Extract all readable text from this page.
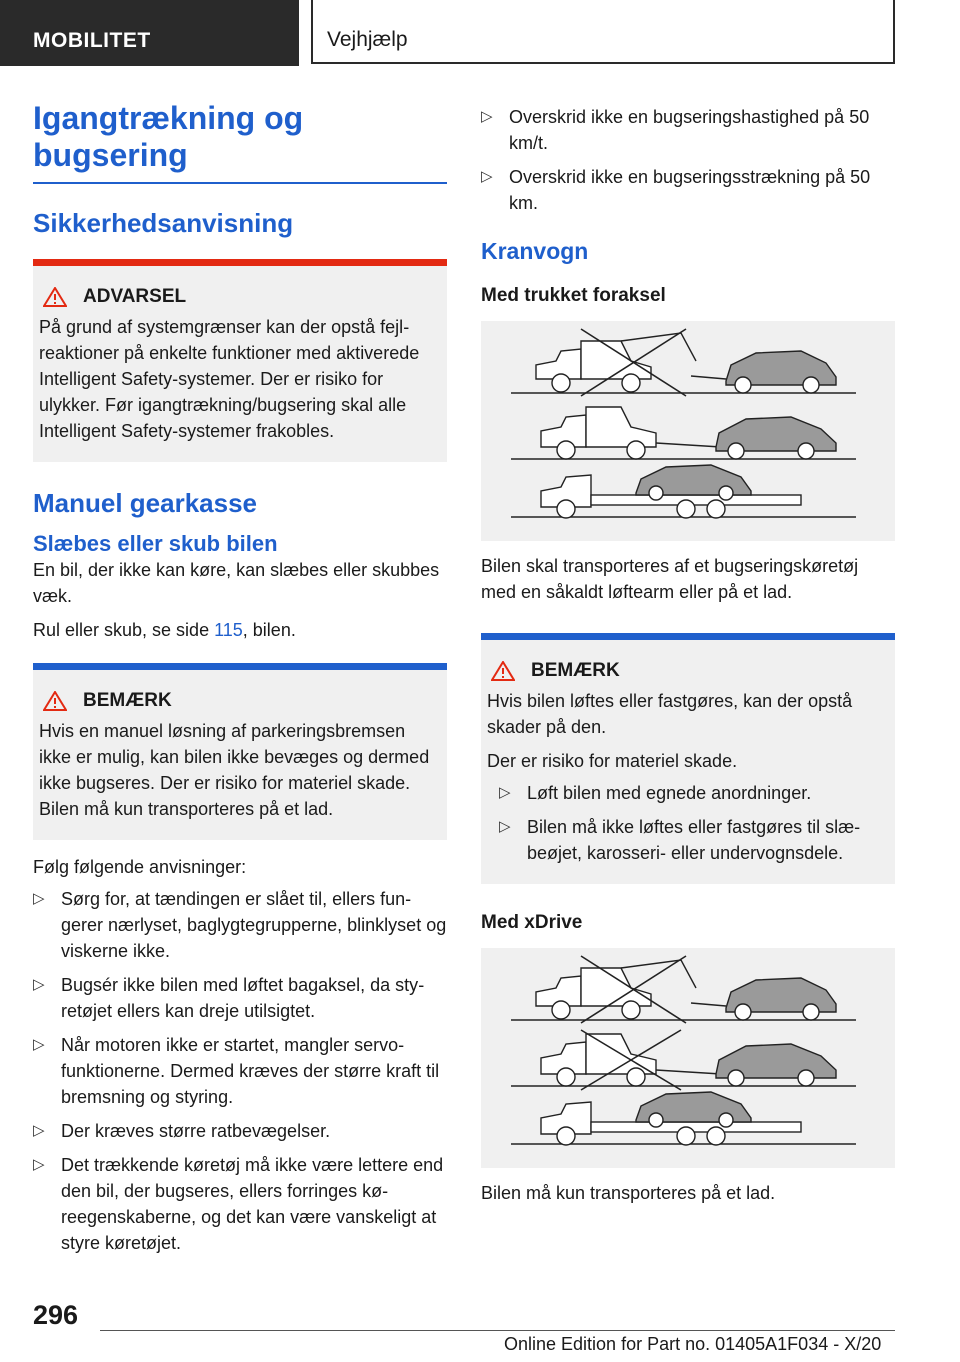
MOBILITET	Vejhjælp
Igangtrækning og bugsering
Sikkerhedsanvisning
ADVARSEL

På grund af systemgrænser kan der opstå fejlreaktioner på enkelte funktioner med aktiverede Intelligent Safety-systemer. Der er risiko for ulykker. Før igangtrækning/bugsering skal alle Intelligent Safety-systemer frakobles.

Manuel gearkasse
Slæbes eller skub bilen

En bil, der ikke kan køre, kan slæbes eller skubbes væk.

Rul eller skub, se side 115, bilen.

BEMÆRK

Hvis en manuel løsning af parkeringsbremsen ikke er mulig, kan bilen ikke bevæges og dermed ikke bugseres. Der er risiko for materiel skade. Bilen må kun transporteres på et lad.

Følg følgende anvisninger:

▷ Sørg for, at tændingen er slået til, ellers fungerer nærlyset, baglygtegrupperne, blinklyset og viskerne ikke.
▷ Bugsér ikke bilen med løftet bagaksel, da styretøjet ellers kan dreje utilsigtet.
▷ Når motoren ikke er startet, mangler servofunktionerne. Dermed kræves der større kraft til bremsning og styring.
▷ Der kræves større ratbevægelser.
▷ Det trækkende køretøj må ikke være lettere end den bil, der bugseres, ellers forringes køreegenskaberne, og det kan være vanskeligt at styre køretøjet.
▷ Overskrid ikke en bugseringshastighed på 50 km/t.
▷ Overskrid ikke en bugseringsstrækning på 50 km.
Kranvogn
Med trukket foraksel

Bilen skal transporteres af et bugseringskøretøj med en såkaldt løftearm eller på et lad.

BEMÆRK

Hvis bilen løftes eller fastgøres, kan der opstå skader på den.

Der er risiko for materiel skade.

▷ Løft bilen med egnede anordninger.
▷ Bilen må ikke løftes eller fastgøres til slæbeøjet, karosseri- eller undervognsdele.
Med xDrive

Bilen må kun transporteres på et lad.

296
Online Edition for Part no. 01405A1F034 - X/20
